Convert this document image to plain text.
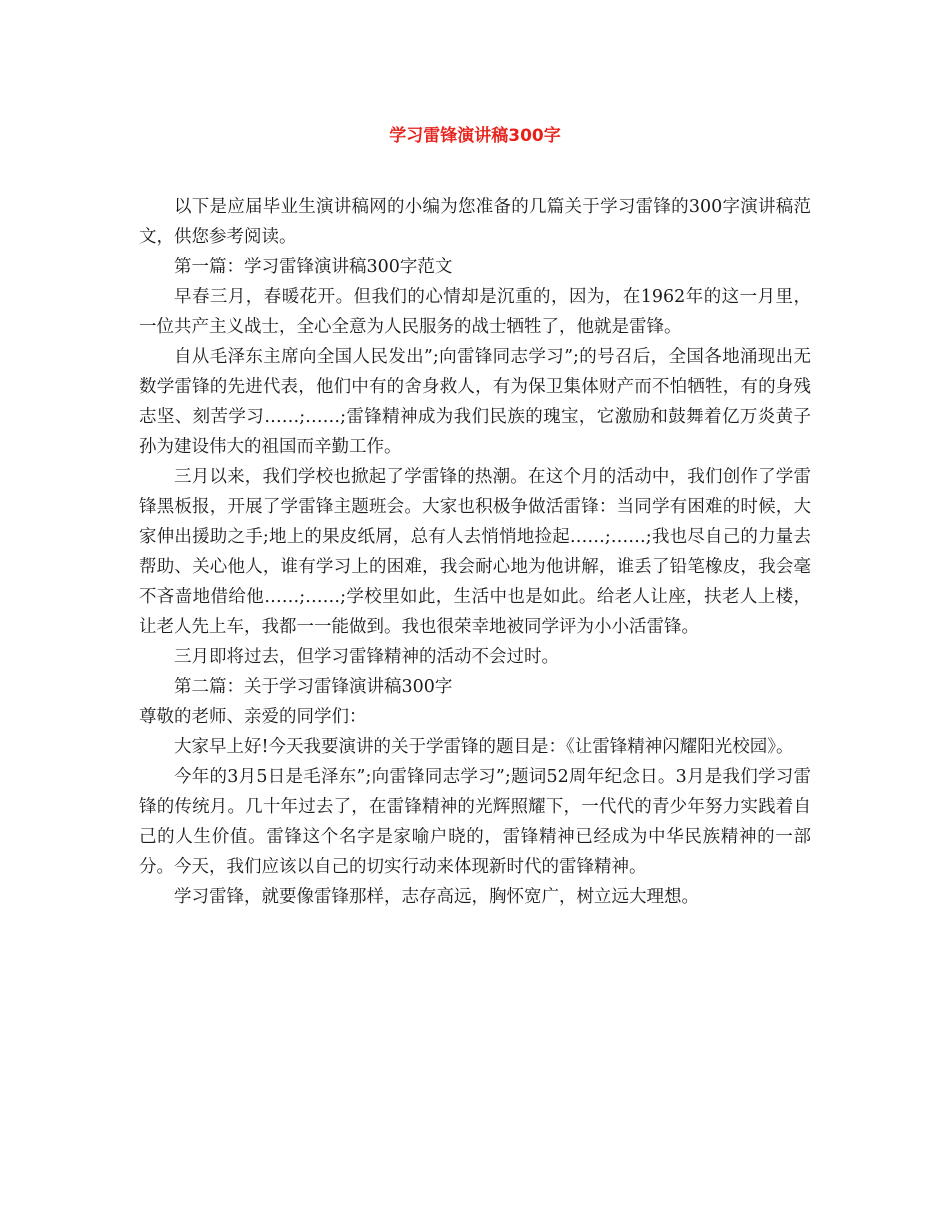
学习雷锋演讲稿300字

以下是应届毕业生演讲稿网的小编为您准备的几篇关于学习雷锋的300字演讲稿范文，供您参考阅读。

第一篇：学习雷锋演讲稿300字范文

早春三月，春暖花开。但我们的心情却是沉重的，因为，在1962年的这一月里，一位共产主义战士，全心全意为人民服务的战士牺牲了，他就是雷锋。

自从毛泽东主席向全国人民发出”;向雷锋同志学习”;的号召后，全国各地涌现出无数学雷锋的先进代表，他们中有的舍身救人，有为保卫集体财产而不怕牺牲，有的身残志坚、刻苦学习……;……;雷锋精神成为我们民族的瑰宝，它激励和鼓舞着亿万炎黄子孙为建设伟大的祖国而辛勤工作。

三月以来，我们学校也掀起了学雷锋的热潮。在这个月的活动中，我们创作了学雷锋黑板报，开展了学雷锋主题班会。大家也积极争做活雷锋：当同学有困难的时候，大家伸出援助之手;地上的果皮纸屑，总有人去悄悄地捡起……;……;我也尽自己的力量去帮助、关心他人，谁有学习上的困难，我会耐心地为他讲解，谁丢了铅笔橡皮，我会毫不吝啬地借给他……;……;学校里如此，生活中也是如此。给老人让座，扶老人上楼，让老人先上车，我都一一能做到。我也很荣幸地被同学评为小小活雷锋。

三月即将过去，但学习雷锋精神的活动不会过时。

第二篇：关于学习雷锋演讲稿300字

尊敬的老师、亲爱的同学们：

大家早上好!今天我要演讲的关于学雷锋的题目是：《让雷锋精神闪耀阳光校园》。

今年的3月5日是毛泽东”;向雷锋同志学习”;题词52周年纪念日。3月是我们学习雷锋的传统月。几十年过去了，在雷锋精神的光辉照耀下，一代代的青少年努力实践着自己的人生价值。雷锋这个名字是家喻户晓的，雷锋精神已经成为中华民族精神的一部分。今天，我们应该以自己的切实行动来体现新时代的雷锋精神。

学习雷锋，就要像雷锋那样，志存高远，胸怀宽广，树立远大理想。
